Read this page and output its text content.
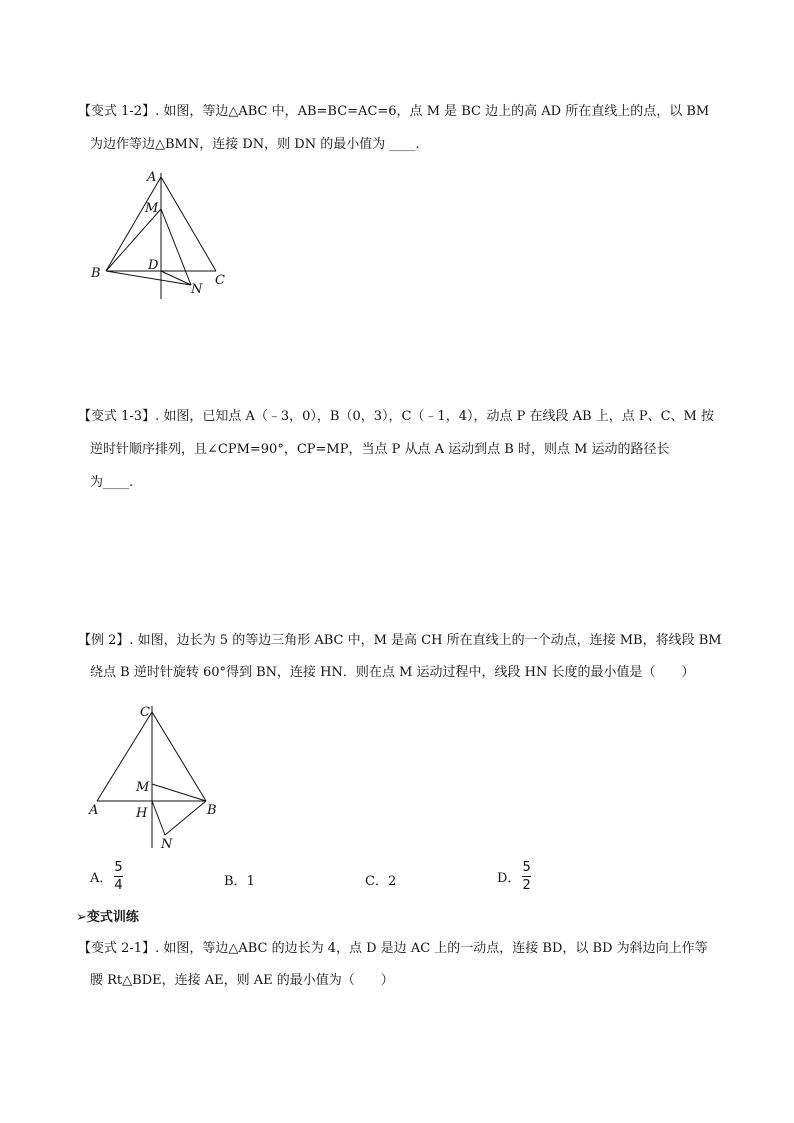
【变式 1-2】. 如图，等边△ABC 中，AB=BC=AC=6，点 M 是 BC 边上的高 AD 所在直线上的点，以 BM
为边作等边△BMN，连接 DN，则 DN 的最小值为 ____.
A
M
B
D
N
C
【变式 1-3】. 如图，已知点 A（﹣3，0），B（0，3），C（﹣1，4），动点 P 在线段 AB 上，点 P、C、M 按
逆时针顺序排列，且∠CPM=90°，CP=MP，当点 P 从点 A 运动到点 B 时，则点 M 运动的路径长
为____.
【例 2】. 如图，边长为 5 的等边三角形 ABC 中，M 是高 CH 所在直线上的一个动点，连接 MB，将线段 BM
绕点 B 逆时针旋转 60°得到 BN，连接 HN．则在点 M 运动过程中，线段 HN 长度的最小值是（　　）
C
M
A	H	B
N
A． $\frac{5}{4}$	B．1	C．2	D． $\frac{5}{2}$
➢变式训练
【变式 2-1】. 如图，等边△ABC 的边长为 4，点 D 是边 AC 上的一动点，连接 BD，以 BD 为斜边向上作等
腰 Rt△BDE，连接 AE，则 AE 的最小值为（　　）
